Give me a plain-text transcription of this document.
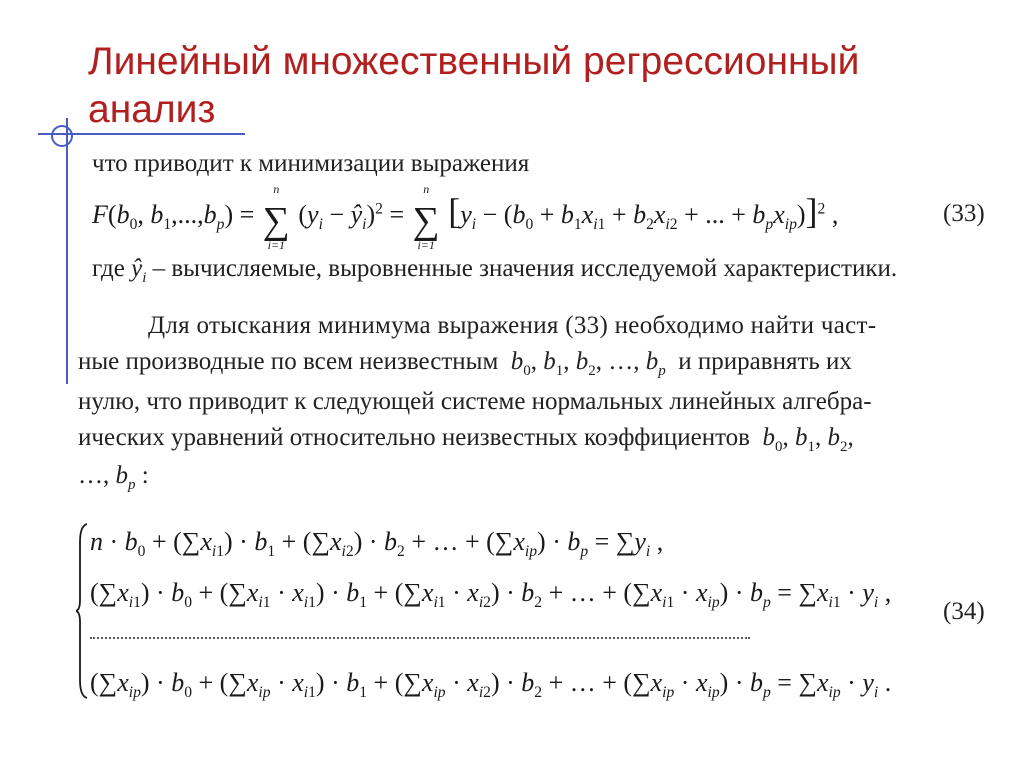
Линейный множественный регрессионный анализ
что приводит к минимизации выражения
$F(b_0$, $b_1,...,b_p$) =
n
∑
i=1
($y_i$ − $ŷ_i)^2$ =
n
∑
i=1
[$y_i - (b_0 + b_1x_{i1} + b_2x_{i2}$ + ... + $b_px_{ip})]^2$ ,	(33)
где $ŷ_i$ – вычисляемые, выровненные значения исследуемой характеристики.
Для отыскания минимума выражения (33) необходимо найти част-
ные производные по всем неизвестным  $b_0$, $b_1$, $b_2$, …, $b_p$ и приравнять их
нулю, что приводит к следующей системе нормальных линейных алгебра-
ических уравнений относительно неизвестных коэффициентов  $b_0$, $b_1$, $b_2$,
…, $b_p$ :
$n \cdot b_0 + (\sum x_{i1}) \cdot b_1 + (\sum x_{i2}) \cdot b_2$ + … + $(\sum x_{ip}) \cdot b_p = \sum y_i$ ,
$(\sum x_{i1}) \cdot b_0 + (\sum x_{i1} \cdot x_{i1}) \cdot b_1 + (\sum x_{i1} \cdot x_{i2}) \cdot b_2$ + … + $(\sum x_{i1} \cdot x_{ip}) \cdot b_p = \sum x_{i1} \cdot y_i$ ,
$(\sum x_{ip}) \cdot b_0 + (\sum x_{ip} \cdot x_{i1}) \cdot b_1 + (\sum x_{ip} \cdot x_{i2}) \cdot b_2$ + … + $(\sum x_{ip} \cdot x_{ip}) \cdot b_p = \sum x_{ip} \cdot y_i$ .
(34)
